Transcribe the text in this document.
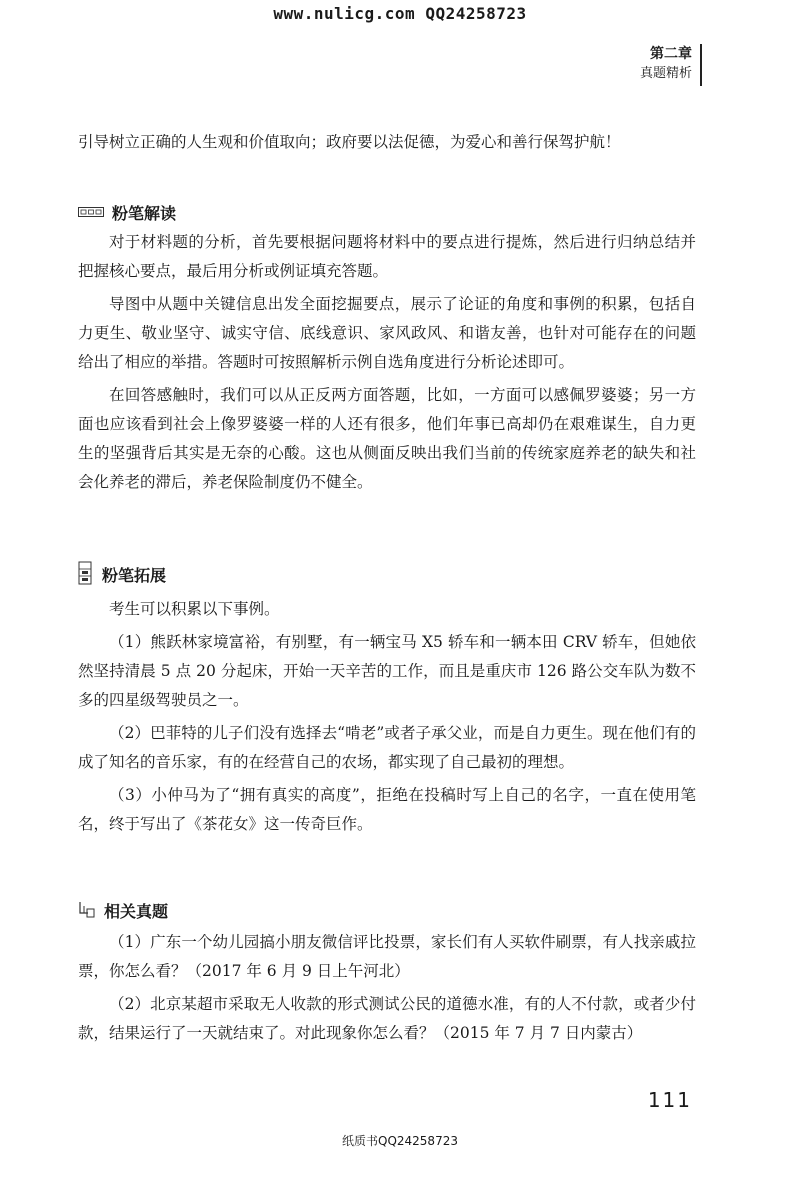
www.nulicg.com QQ24258723
第二章
真题精析

引导树立正确的人生观和价值取向；政府要以法促德，为爱心和善行保驾护航！

粉笔解读

对于材料题的分析，首先要根据问题将材料中的要点进行提炼，然后进行归纳总结并把握核心要点，最后用分析或例证填充答题。

导图中从题中关键信息出发全面挖掘要点，展示了论证的角度和事例的积累，包括自力更生、敬业坚守、诚实守信、底线意识、家风政风、和谐友善，也针对可能存在的问题给出了相应的举措。答题时可按照解析示例自选角度进行分析论述即可。

在回答感触时，我们可以从正反两方面答题，比如，一方面可以感佩罗婆婆；另一方面也应该看到社会上像罗婆婆一样的人还有很多，他们年事已高却仍在艰难谋生，自力更生的坚强背后其实是无奈的心酸。这也从侧面反映出我们当前的传统家庭养老的缺失和社会化养老的滞后，养老保险制度仍不健全。

粉笔拓展

考生可以积累以下事例。

（1）熊跃林家境富裕，有别墅，有一辆宝马 X5 轿车和一辆本田 CRV 轿车，但她依然坚持清晨 5 点 20 分起床，开始一天辛苦的工作，而且是重庆市 126 路公交车队为数不多的四星级驾驶员之一。

（2）巴菲特的儿子们没有选择去“啃老”或者子承父业，而是自力更生。现在他们有的成了知名的音乐家，有的在经营自己的农场，都实现了自己最初的理想。

（3）小仲马为了“拥有真实的高度”，拒绝在投稿时写上自己的名字，一直在使用笔名，终于写出了《茶花女》这一传奇巨作。

相关真题

（1）广东一个幼儿园搞小朋友微信评比投票，家长们有人买软件刷票，有人找亲戚拉票，你怎么看？（2017 年 6 月 9 日上午河北）

（2）北京某超市采取无人收款的形式测试公民的道德水准，有的人不付款，或者少付款，结果运行了一天就结束了。对此现象你怎么看？（2015 年 7 月 7 日内蒙古）

111
纸质书QQ24258723
